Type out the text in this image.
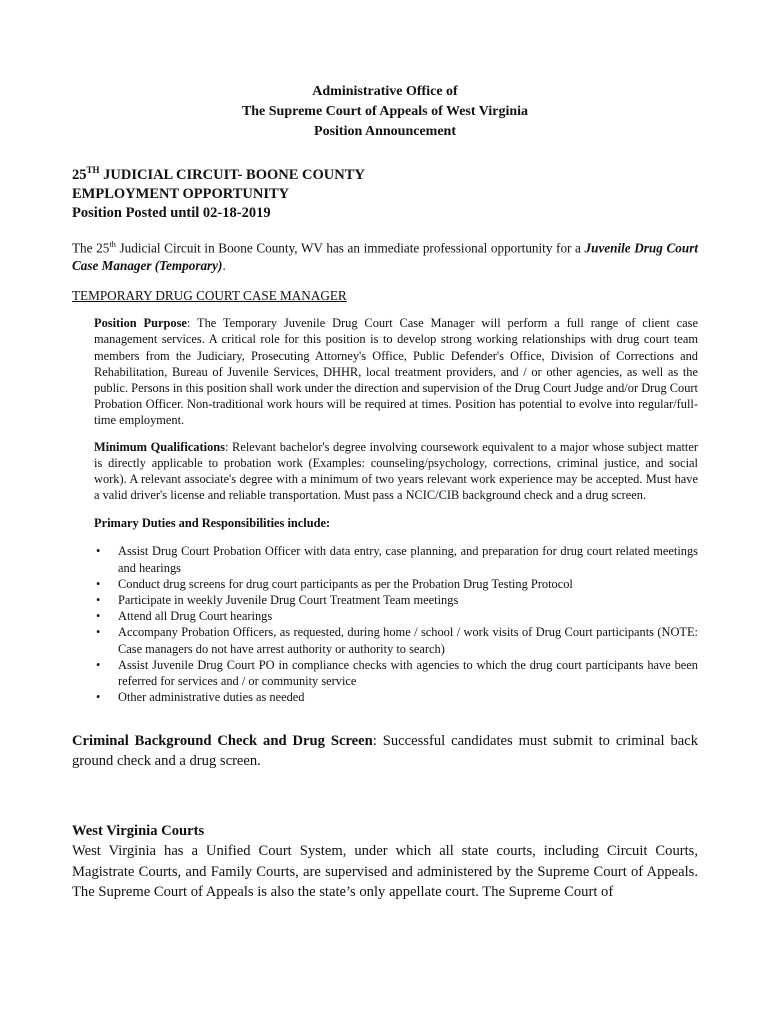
Administrative Office of
The Supreme Court of Appeals of West Virginia
Position Announcement
25TH JUDICIAL CIRCUIT- BOONE COUNTY
EMPLOYMENT OPPORTUNITY
Position Posted until 02-18-2019
The 25th Judicial Circuit in Boone County, WV has an immediate professional opportunity for a Juvenile Drug Court Case Manager (Temporary).
TEMPORARY DRUG COURT CASE MANAGER
Position Purpose: The Temporary Juvenile Drug Court Case Manager will perform a full range of client case management services. A critical role for this position is to develop strong working relationships with drug court team members from the Judiciary, Prosecuting Attorney's Office, Public Defender's Office, Division of Corrections and Rehabilitation, Bureau of Juvenile Services, DHHR, local treatment providers, and / or other agencies, as well as the public. Persons in this position shall work under the direction and supervision of the Drug Court Judge and/or Drug Court Probation Officer. Non-traditional work hours will be required at times. Position has potential to evolve into regular/full-time employment.
Minimum Qualifications: Relevant bachelor's degree involving coursework equivalent to a major whose subject matter is directly applicable to probation work (Examples: counseling/psychology, corrections, criminal justice, and social work). A relevant associate's degree with a minimum of two years relevant work experience may be accepted. Must have a valid driver's license and reliable transportation. Must pass a NCIC/CIB background check and a drug screen.
Primary Duties and Responsibilities include:
• Assist Drug Court Probation Officer with data entry, case planning, and preparation for drug court related meetings and hearings
• Conduct drug screens for drug court participants as per the Probation Drug Testing Protocol
• Participate in weekly Juvenile Drug Court Treatment Team meetings
• Attend all Drug Court hearings
• Accompany Probation Officers, as requested, during home / school / work visits of Drug Court participants (NOTE: Case managers do not have arrest authority or authority to search)
• Assist Juvenile Drug Court PO in compliance checks with agencies to which the drug court participants have been referred for services and / or community service
• Other administrative duties as needed
Criminal Background Check and Drug Screen: Successful candidates must submit to criminal back ground check and a drug screen.
West Virginia Courts
West Virginia has a Unified Court System, under which all state courts, including Circuit Courts, Magistrate Courts, and Family Courts, are supervised and administered by the Supreme Court of Appeals. The Supreme Court of Appeals is also the state’s only appellate court. The Supreme Court of
